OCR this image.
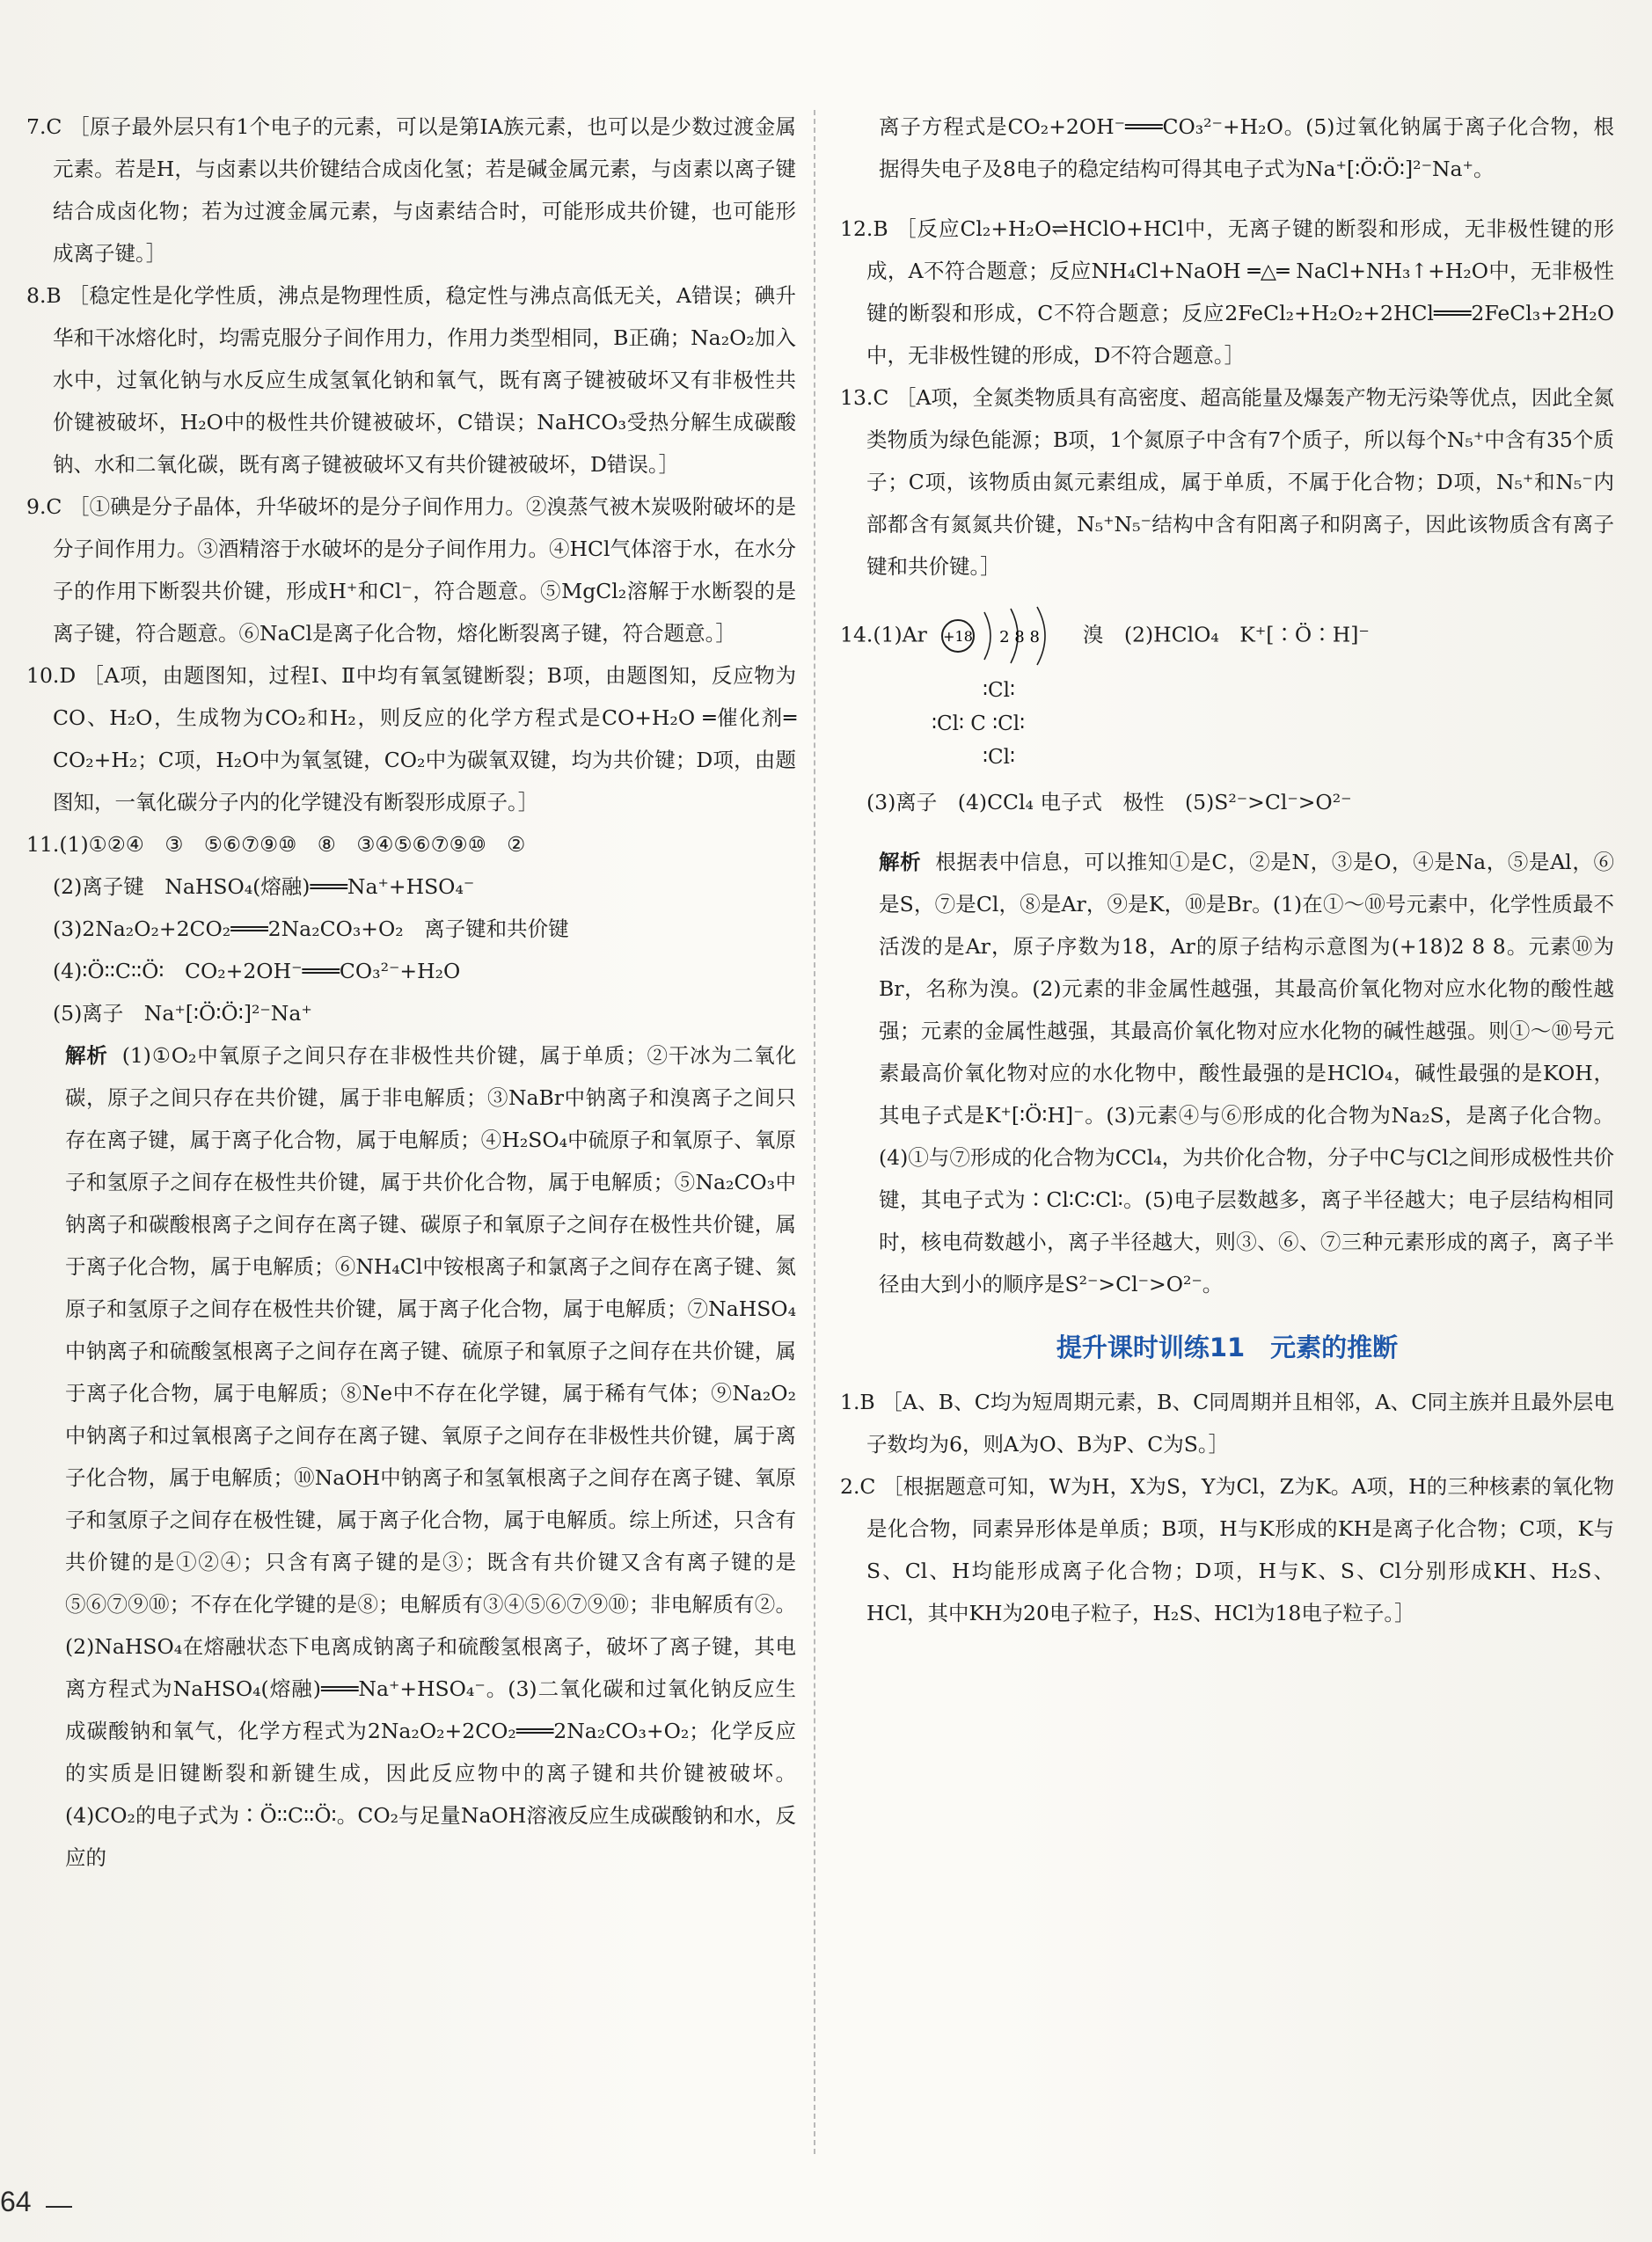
7.C ［原子最外层只有1个电子的元素，可以是第ⅠA族元素，也可以是少数过渡金属元素。若是H，与卤素以共价键结合成卤化氢；若是碱金属元素，与卤素以离子键结合成卤化物；若为过渡金属元素，与卤素结合时，可能形成共价键，也可能形成离子键。］

8.B ［稳定性是化学性质，沸点是物理性质，稳定性与沸点高低无关，A错误；碘升华和干冰熔化时，均需克服分子间作用力，作用力类型相同，B正确；Na₂O₂加入水中，过氧化钠与水反应生成氢氧化钠和氧气，既有离子键被破坏又有非极性共价键被破坏，H₂O中的极性共价键被破坏，C错误；NaHCO₃受热分解生成碳酸钠、水和二氧化碳，既有离子键被破坏又有共价键被破坏，D错误。］

9.C ［①碘是分子晶体，升华破坏的是分子间作用力。②溴蒸气被木炭吸附破坏的是分子间作用力。③酒精溶于水破坏的是分子间作用力。④HCl气体溶于水，在水分子的作用下断裂共价键，形成H⁺和Cl⁻，符合题意。⑤MgCl₂溶解于水断裂的是离子键，符合题意。⑥NaCl是离子化合物，熔化断裂离子键，符合题意。］

10.D ［A项，由题图知，过程Ⅰ、Ⅱ中均有氧氢键断裂；B项，由题图知，反应物为CO、H₂O，生成物为CO₂和H₂，则反应的化学方程式是CO+H₂O ═催化剂═ CO₂+H₂；C项，H₂O中为氧氢键，CO₂中为碳氧双键，均为共价键；D项，由题图知，一氧化碳分子内的化学键没有断裂形成原子。］

11.(1)①②④　③　⑤⑥⑦⑨⑩　⑧　③④⑤⑥⑦⑨⑩　②

(2)离子键　NaHSO₄(熔融)═══Na⁺+HSO₄⁻

(3)2Na₂O₂+2CO₂═══2Na₂CO₃+O₂　离子键和共价键

(4)∶Ö∶∶C∶∶Ö∶　CO₂+2OH⁻═══CO₃²⁻+H₂O

(5)离子　Na⁺[∶Ö∶Ö∶]²⁻Na⁺

解析 (1)①O₂中氧原子之间只存在非极性共价键，属于单质；②干冰为二氧化碳，原子之间只存在共价键，属于非电解质；③NaBr中钠离子和溴离子之间只存在离子键，属于离子化合物，属于电解质；④H₂SO₄中硫原子和氧原子、氧原子和氢原子之间存在极性共价键，属于共价化合物，属于电解质；⑤Na₂CO₃中钠离子和碳酸根离子之间存在离子键、碳原子和氧原子之间存在极性共价键，属于离子化合物，属于电解质；⑥NH₄Cl中铵根离子和氯离子之间存在离子键、氮原子和氢原子之间存在极性共价键，属于离子化合物，属于电解质；⑦NaHSO₄中钠离子和硫酸氢根离子之间存在离子键、硫原子和氧原子之间存在共价键，属于离子化合物，属于电解质；⑧Ne中不存在化学键，属于稀有气体；⑨Na₂O₂中钠离子和过氧根离子之间存在离子键、氧原子之间存在非极性共价键，属于离子化合物，属于电解质；⑩NaOH中钠离子和氢氧根离子之间存在离子键、氧原子和氢原子之间存在极性键，属于离子化合物，属于电解质。综上所述，只含有共价键的是①②④；只含有离子键的是③；既含有共价键又含有离子键的是⑤⑥⑦⑨⑩；不存在化学键的是⑧；电解质有③④⑤⑥⑦⑨⑩；非电解质有②。(2)NaHSO₄在熔融状态下电离成钠离子和硫酸氢根离子，破坏了离子键，其电离方程式为NaHSO₄(熔融)═══Na⁺+HSO₄⁻。(3)二氧化碳和过氧化钠反应生成碳酸钠和氧气，化学方程式为2Na₂O₂+2CO₂═══2Na₂CO₃+O₂；化学反应的实质是旧键断裂和新键生成，因此反应物中的离子键和共价键被破坏。(4)CO₂的电子式为∶Ö∶∶C∶∶Ö∶。CO₂与足量NaOH溶液反应生成碳酸钠和水，反应的

离子方程式是CO₂+2OH⁻═══CO₃²⁻+H₂O。(5)过氧化钠属于离子化合物，根据得失电子及8电子的稳定结构可得其电子式为Na⁺[∶Ö∶Ö∶]²⁻Na⁺。

12.B ［反应Cl₂+H₂O⇌HClO+HCl中，无离子键的断裂和形成，无非极性键的形成，A不符合题意；反应NH₄Cl+NaOH ═△═ NaCl+NH₃↑+H₂O中，无非极性键的断裂和形成，C不符合题意；反应2FeCl₂+H₂O₂+2HCl═══2FeCl₃+2H₂O中，无非极性键的形成，D不符合题意。］

13.C ［A项，全氮类物质具有高密度、超高能量及爆轰产物无污染等优点，因此全氮类物质为绿色能源；B项，1个氮原子中含有7个质子，所以每个N₅⁺中含有35个质子；C项，该物质由氮元素组成，属于单质，不属于化合物；D项，N₅⁺和N₅⁻内部都含有氮氮共价键，N₅⁺N₅⁻结构中含有阳离子和阴离子，因此该物质含有离子键和共价键。］

14.(1)Ar +18 2 8 8 溴　(2)HClO₄　K⁺[∶Ö∶H]⁻

∶Cl∶
∶Cl∶ C ∶Cl∶
∶Cl∶

(3)离子　(4)CCl₄ 电子式　极性　(5)S²⁻>Cl⁻>O²⁻

解析 根据表中信息，可以推知①是C，②是N，③是O，④是Na，⑤是Al，⑥是S，⑦是Cl，⑧是Ar，⑨是K，⑩是Br。(1)在①～⑩号元素中，化学性质最不活泼的是Ar，原子序数为18，Ar的原子结构示意图为(+18)2 8 8。元素⑩为Br，名称为溴。(2)元素的非金属性越强，其最高价氧化物对应水化物的酸性越强；元素的金属性越强，其最高价氧化物对应水化物的碱性越强。则①～⑩号元素最高价氧化物对应的水化物中，酸性最强的是HClO₄，碱性最强的是KOH，其电子式是K⁺[∶Ö∶H]⁻。(3)元素④与⑥形成的化合物为Na₂S，是离子化合物。(4)①与⑦形成的化合物为CCl₄，为共价化合物，分子中C与Cl之间形成极性共价键，其电子式为∶Cl∶C∶Cl∶。(5)电子层数越多，离子半径越大；电子层结构相同时，核电荷数越小，离子半径越大，则③、⑥、⑦三种元素形成的离子，离子半径由大到小的顺序是S²⁻>Cl⁻>O²⁻。

提升课时训练11　元素的推断

1.B ［A、B、C均为短周期元素，B、C同周期并且相邻，A、C同主族并且最外层电子数均为6，则A为O、B为P、C为S。］

2.C ［根据题意可知，W为H，X为S，Y为Cl，Z为K。A项，H的三种核素的氧化物是化合物，同素异形体是单质；B项，H与K形成的KH是离子化合物；C项，K与S、Cl、H均能形成离子化合物；D项，H与K、S、Cl分别形成KH、H₂S、HCl，其中KH为20电子粒子，H₂S、HCl为18电子粒子。］

64
